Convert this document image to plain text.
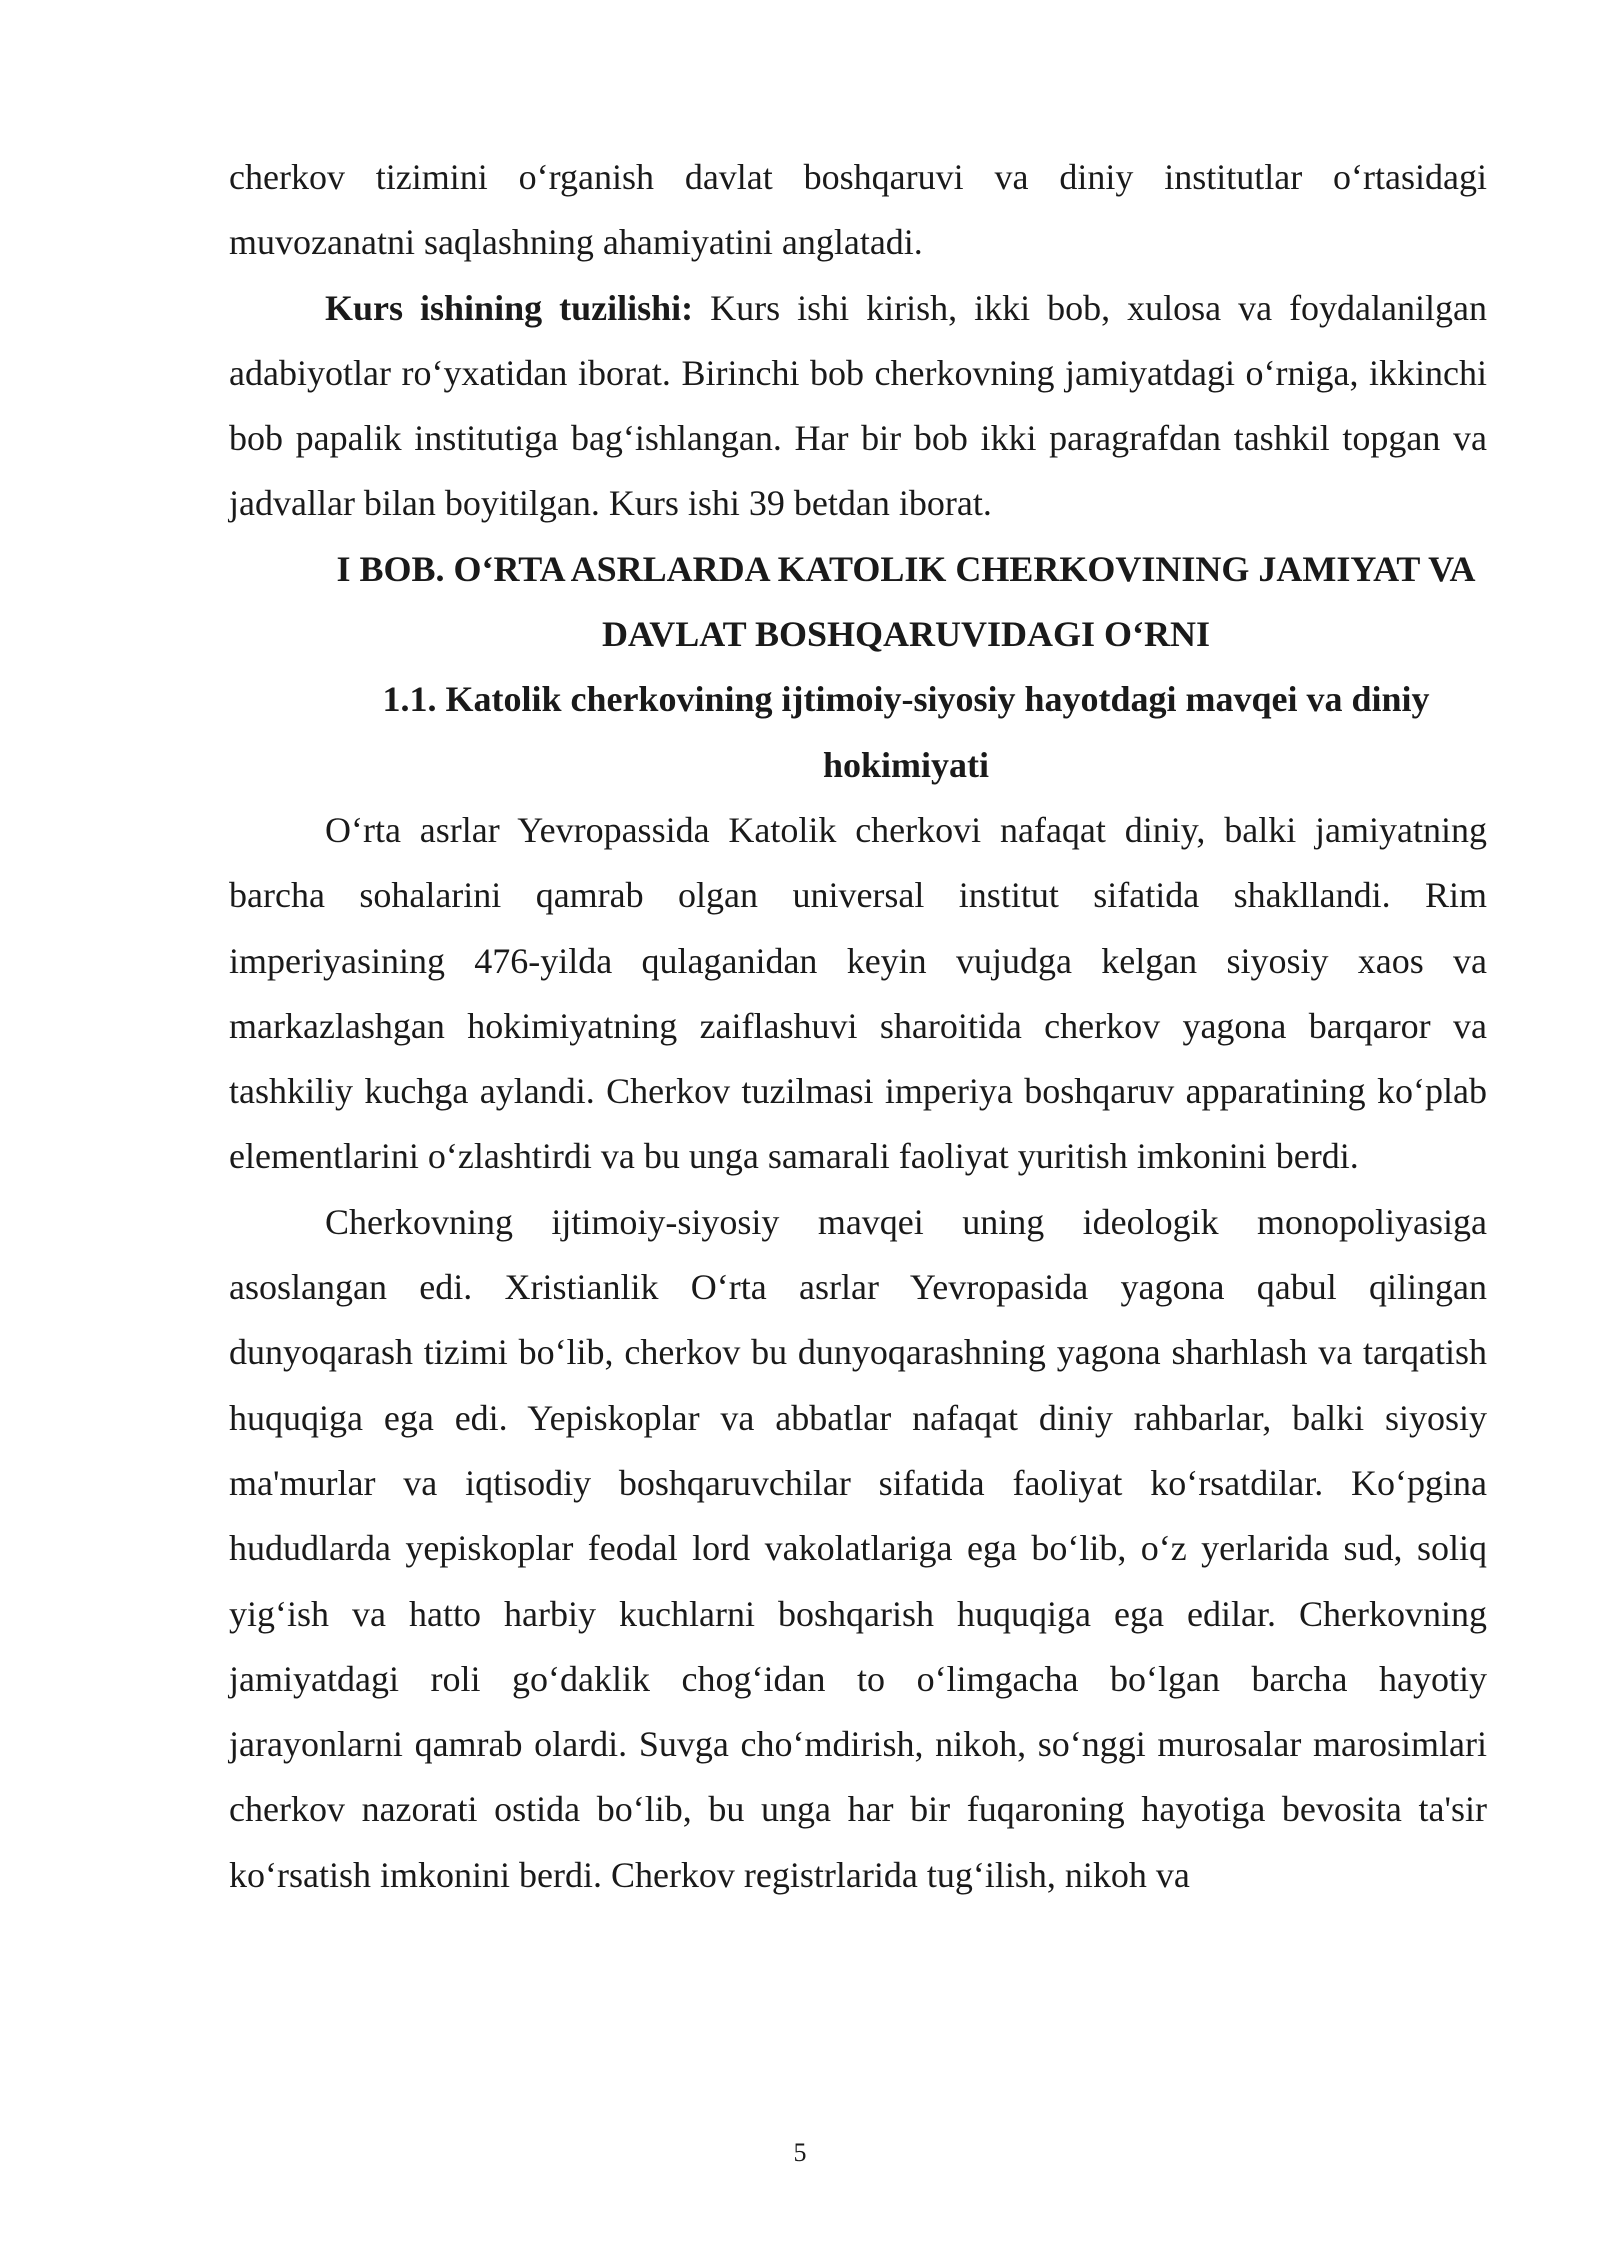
cherkov tizimini o‘rganish davlat boshqaruvi va diniy institutlar o‘rtasidagi muvozanatni saqlashning ahamiyatini anglatadi.

Kurs ishining tuzilishi: Kurs ishi kirish, ikki bob, xulosa va foydalanilgan adabiyotlar ro‘yxatidan iborat. Birinchi bob cherkovning jamiyatdagi o‘rniga, ikkinchi bob papalik institutiga bag‘ishlangan. Har bir bob ikki paragrafdan tashkil topgan va jadvallar bilan boyitilgan. Kurs ishi 39 betdan iborat.

I BOB. O‘RTA ASRLARDA KATOLIK CHERKOVINING JAMIYAT VA DAVLAT BOSHQARUVIDAGI O‘RNI
1.1. Katolik cherkovining ijtimoiy-siyosiy hayotdagi mavqei va diniy hokimiyati

O‘rta asrlar Yevropassida Katolik cherkovi nafaqat diniy, balki jamiyatning barcha sohalarini qamrab olgan universal institut sifatida shakllandi. Rim imperiyasining 476-yilda qulaganidan keyin vujudga kelgan siyosiy xaos va markazlashgan hokimiyatning zaiflashuvi sharoitida cherkov yagona barqaror va tashkiliy kuchga aylandi. Cherkov tuzilmasi imperiya boshqaruv apparatining ko‘plab elementlarini o‘zlashtirdi va bu unga samarali faoliyat yuritish imkonini berdi.

Cherkovning ijtimoiy-siyosiy mavqei uning ideologik monopoliyasiga asoslangan edi. Xristianlik O‘rta asrlar Yevropasida yagona qabul qilingan dunyoqarash tizimi bo‘lib, cherkov bu dunyoqarashning yagona sharhlash va tarqatish huquqiga ega edi. Yepiskoplar va abbatlar nafaqat diniy rahbarlar, balki siyosiy ma'murlar va iqtisodiy boshqaruvchilar sifatida faoliyat ko‘rsatdilar. Ko‘pgina hududlarda yepiskoplar feodal lord vakolatlariga ega bo‘lib, o‘z yerlarida sud, soliq yig‘ish va hatto harbiy kuchlarni boshqarish huquqiga ega edilar. Cherkovning jamiyatdagi roli go‘daklik chog‘idan to o‘limgacha bo‘lgan barcha hayotiy jarayonlarni qamrab olardi. Suvga cho‘mdirish, nikoh, so‘nggi murosalar marosimlari cherkov nazorati ostida bo‘lib, bu unga har bir fuqaroning hayotiga bevosita ta'sir ko‘rsatish imkonini berdi. Cherkov registrlarida tug‘ilish, nikoh va

5
